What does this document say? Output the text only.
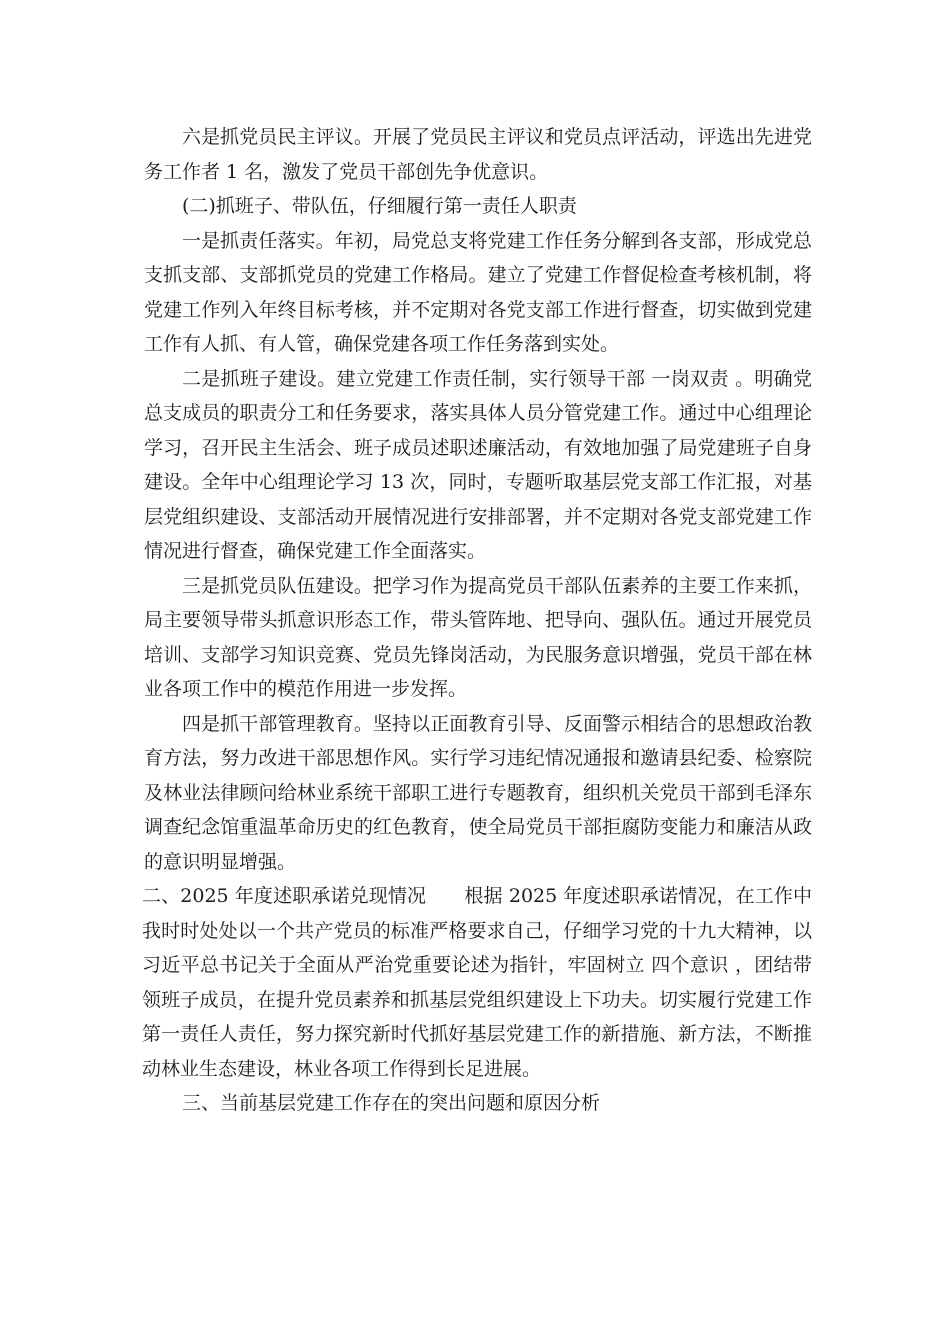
六是抓党员民主评议。开展了党员民主评议和党员点评活动，评选出先进党务工作者 1 名，激发了党员干部创先争优意识。

(二)抓班子、带队伍，仔细履行第一责任人职责

一是抓责任落实。年初，局党总支将党建工作任务分解到各支部，形成党总支抓支部、支部抓党员的党建工作格局。建立了党建工作督促检查考核机制，将党建工作列入年终目标考核，并不定期对各党支部工作进行督查，切实做到党建工作有人抓、有人管，确保党建各项工作任务落到实处。

二是抓班子建设。建立党建工作责任制，实行领导干部 一岗双责 。明确党总支成员的职责分工和任务要求，落实具体人员分管党建工作。通过中心组理论学习，召开民主生活会、班子成员述职述廉活动，有效地加强了局党建班子自身建设。全年中心组理论学习 13 次，同时，专题听取基层党支部工作汇报，对基层党组织建设、支部活动开展情况进行安排部署，并不定期对各党支部党建工作情况进行督查，确保党建工作全面落实。

三是抓党员队伍建设。把学习作为提高党员干部队伍素养的主要工作来抓，局主要领导带头抓意识形态工作，带头管阵地、把导向、强队伍。通过开展党员培训、支部学习知识竞赛、党员先锋岗活动，为民服务意识增强，党员干部在林业各项工作中的模范作用进一步发挥。

四是抓干部管理教育。坚持以正面教育引导、反面警示相结合的思想政治教育方法，努力改进干部思想作风。实行学习违纪情况通报和邀请县纪委、检察院及林业法律顾问给林业系统干部职工进行专题教育，组织机关党员干部到毛泽东调查纪念馆重温革命历史的红色教育，使全局党员干部拒腐防变能力和廉洁从政的意识明显增强。

二、2025 年度述职承诺兑现情况　　根据 2025 年度述职承诺情况，在工作中我时时处处以一个共产党员的标准严格要求自己，仔细学习党的十九大精神，以习近平总书记关于全面从严治党重要论述为指针，牢固树立 四个意识 ，团结带领班子成员，在提升党员素养和抓基层党组织建设上下功夫。切实履行党建工作第一责任人责任，努力探究新时代抓好基层党建工作的新措施、新方法，不断推动林业生态建设，林业各项工作得到长足进展。

三、当前基层党建工作存在的突出问题和原因分析
